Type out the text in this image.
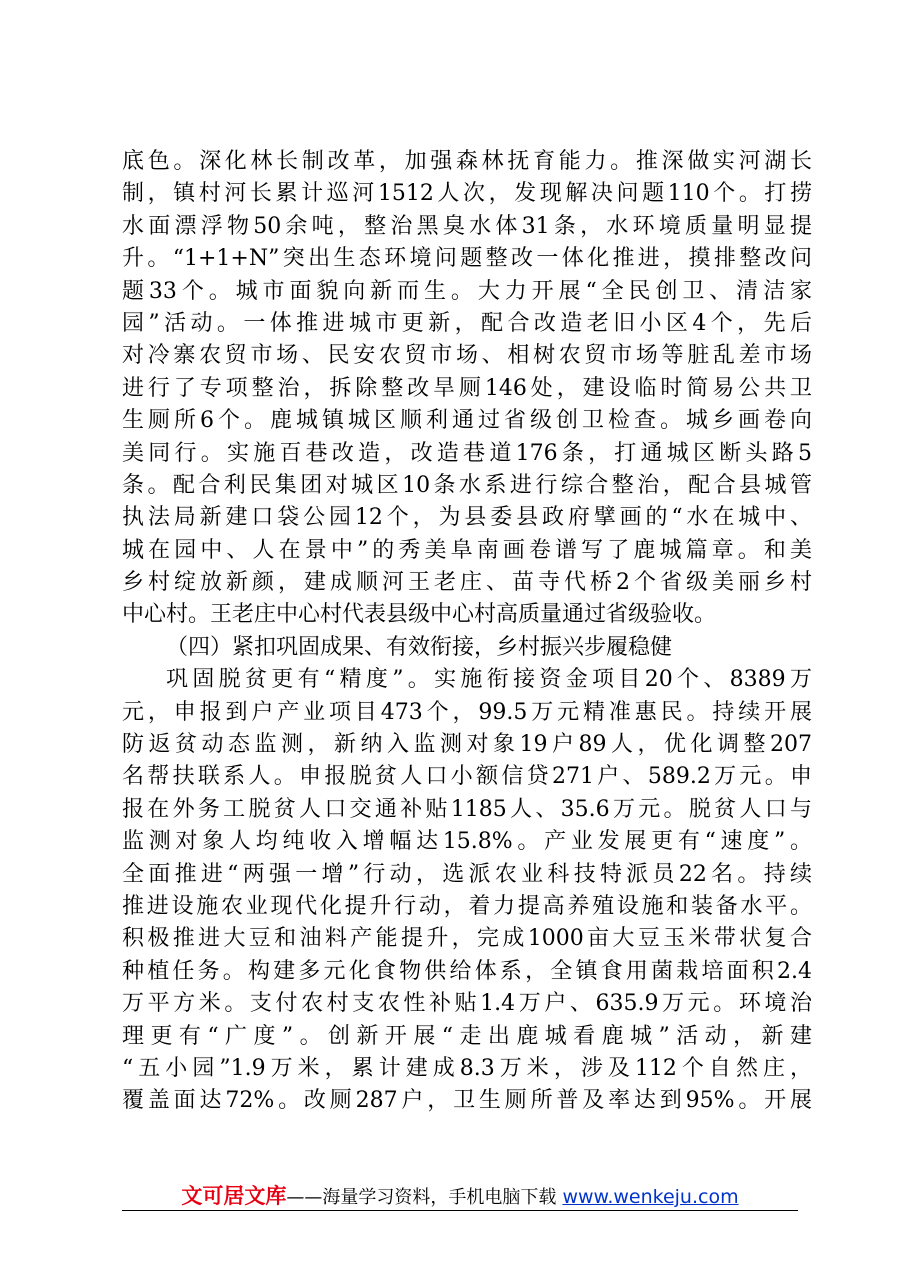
底色。深化林长制改革，加强森林抚育能力。推深做实河湖长
制，镇村河长累计巡河1512人次，发现解决问题110个。打捞
水面漂浮物50余吨，整治黑臭水体31条，水环境质量明显提
升。“1+1+N”突出生态环境问题整改一体化推进，摸排整改问
题33个。城市面貌向新而生。大力开展“全民创卫、清洁家
园”活动。一体推进城市更新，配合改造老旧小区4个，先后
对冷寨农贸市场、民安农贸市场、相树农贸市场等脏乱差市场
进行了专项整治，拆除整改旱厕146处，建设临时简易公共卫
生厕所6个。鹿城镇城区顺利通过省级创卫检查。城乡画卷向
美同行。实施百巷改造，改造巷道176条，打通城区断头路5
条。配合利民集团对城区10条水系进行综合整治，配合县城管
执法局新建口袋公园12个，为县委县政府擘画的“水在城中、
城在园中、人在景中”的秀美阜南画卷谱写了鹿城篇章。和美
乡村绽放新颜，建成顺河王老庄、苗寺代桥2个省级美丽乡村
中心村。王老庄中心村代表县级中心村高质量通过省级验收。
（四）紧扣巩固成果、有效衔接，乡村振兴步履稳健
巩固脱贫更有“精度”。实施衔接资金项目20个、8389万
元，申报到户产业项目473个，99.5万元精准惠民。持续开展
防返贫动态监测，新纳入监测对象19户89人，优化调整207
名帮扶联系人。申报脱贫人口小额信贷271户、589.2万元。申
报在外务工脱贫人口交通补贴1185人、35.6万元。脱贫人口与
监测对象人均纯收入增幅达15.8%。产业发展更有“速度”。
全面推进“两强一增”行动，选派农业科技特派员22名。持续
推进设施农业现代化提升行动，着力提高养殖设施和装备水平。
积极推进大豆和油料产能提升，完成1000亩大豆玉米带状复合
种植任务。构建多元化食物供给体系，全镇食用菌栽培面积2.4
万平方米。支付农村支农性补贴1.4万户、635.9万元。环境治
理更有“广度”。创新开展“走出鹿城看鹿城”活动，新建
“五小园”1.9万米，累计建成8.3万米，涉及112个自然庄，
覆盖面达72%。改厕287户，卫生厕所普及率达到95%。开展
文可居文库——海量学习资料，手机电脑下载 www.wenkeju.com
